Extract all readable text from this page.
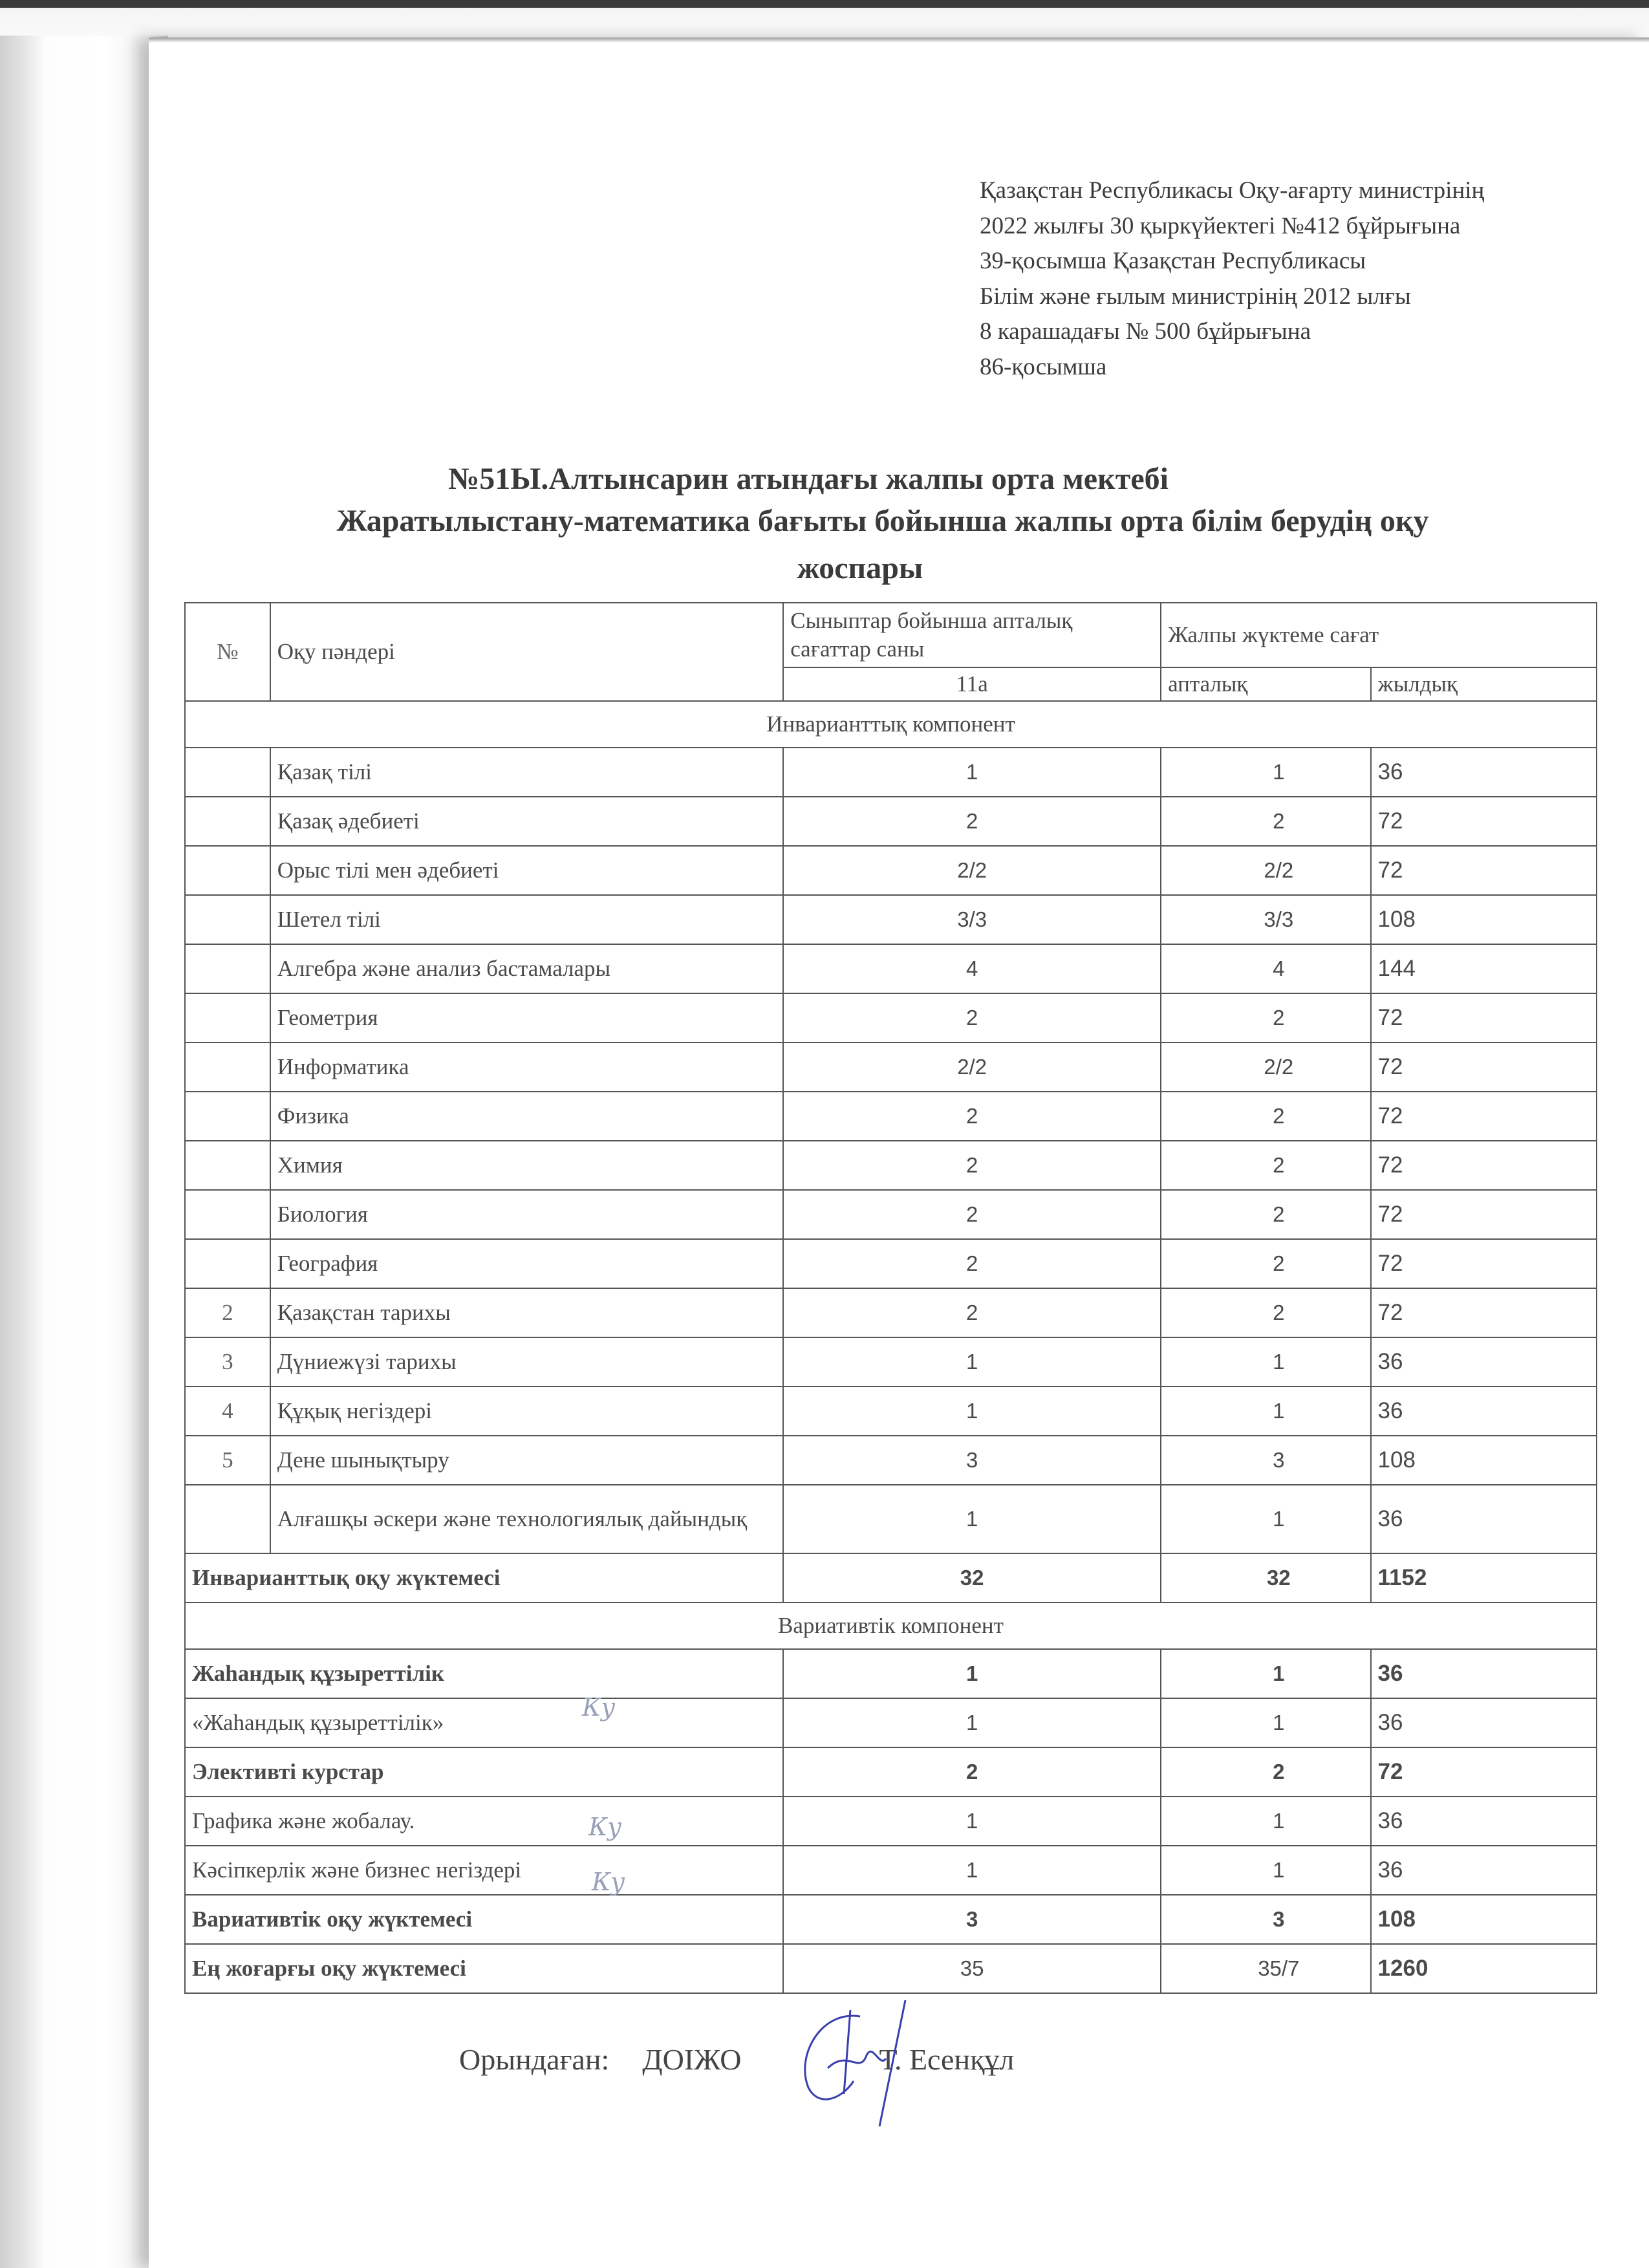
Қазақстан Республикасы Оқу-ағарту министрінің
2022 жылғы 30 қыркүйектегі №412 бұйрығына
39-қосымша Қазақстан Республикасы
Білім және ғылым министрінің 2012 ылғы
8 карашадағы № 500 бұйрығына
86-қосымша
№51Ы.Алтынсарин атындағы жалпы орта мектебі
Жаратылыстану-математика бағыты бойынша жалпы орта білім берудің оқу
жоспары
№	Оқу пәндері	Сыныптар бойынша апталық сағаттар саны	Жалпы жүктеме сағат	
		11а	апталық	жылдық
Инварианттық компонент				
	Қазақ тілі	1	1	36
	Қазақ әдебиеті	2	2	72
	Орыс тілі мен әдебиеті	2/2	2/2	72
	Шетел тілі	3/3	3/3	108
	Алгебра және анализ бастамалары	4	4	144
	Геометрия	2	2	72
	Информатика	2/2	2/2	72
	Физика	2	2	72
	Химия	2	2	72
	Биология	2	2	72
	География	2	2	72
2	Қазақстан тарихы	2	2	72
3	Дүниежүзі тарихы	1	1	36
4	Құқық негіздері	1	1	36
5	Дене шынықтыру	3	3	108
	Алғашқы әскери және технологиялық дайындық	1	1	36
Инварианттық оқу жүктемесі		32	32	1152
Вариативтік компонент				
Жаһандық құзыреттілік		1	1	36
«Жаһандық құзыреттілік»		1	1	36
Элективті курстар		2	2	72
Графика және жобалау.		1	1	36
Кәсіпкерлік және бизнес негіздері		1	1	36
Вариативтік оқу жүктемесі		3	3	108
Ең жоғарғы оқу жүктемесі		35	35/7	1260
Ку
Ку
Ку
Орындаған: ДОІЖО	Т. Есенқұл
